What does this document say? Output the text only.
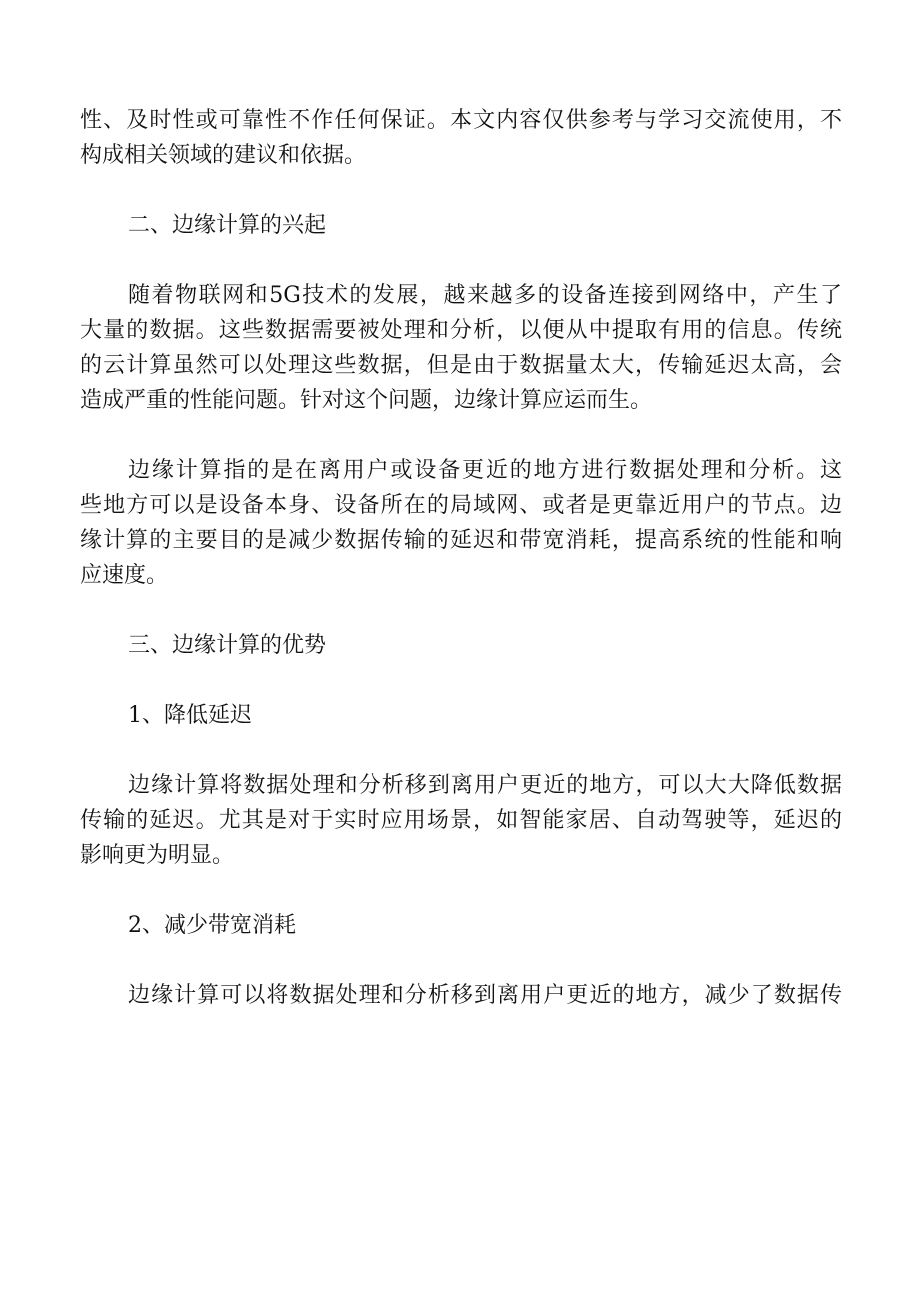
性、及时性或可靠性不作任何保证。本文内容仅供参考与学习交流使用，不

构成相关领域的建议和依据。

二、边缘计算的兴起

随着物联网和5G技术的发展，越来越多的设备连接到网络中，产生了

大量的数据。这些数据需要被处理和分析，以便从中提取有用的信息。传统

的云计算虽然可以处理这些数据，但是由于数据量太大，传输延迟太高，会

造成严重的性能问题。针对这个问题，边缘计算应运而生。

边缘计算指的是在离用户或设备更近的地方进行数据处理和分析。这

些地方可以是设备本身、设备所在的局域网、或者是更靠近用户的节点。边

缘计算的主要目的是减少数据传输的延迟和带宽消耗，提高系统的性能和响

应速度。

三、边缘计算的优势

1、降低延迟

边缘计算将数据处理和分析移到离用户更近的地方，可以大大降低数据

传输的延迟。尤其是对于实时应用场景，如智能家居、自动驾驶等，延迟的

影响更为明显。

2、减少带宽消耗

边缘计算可以将数据处理和分析移到离用户更近的地方，减少了数据传
